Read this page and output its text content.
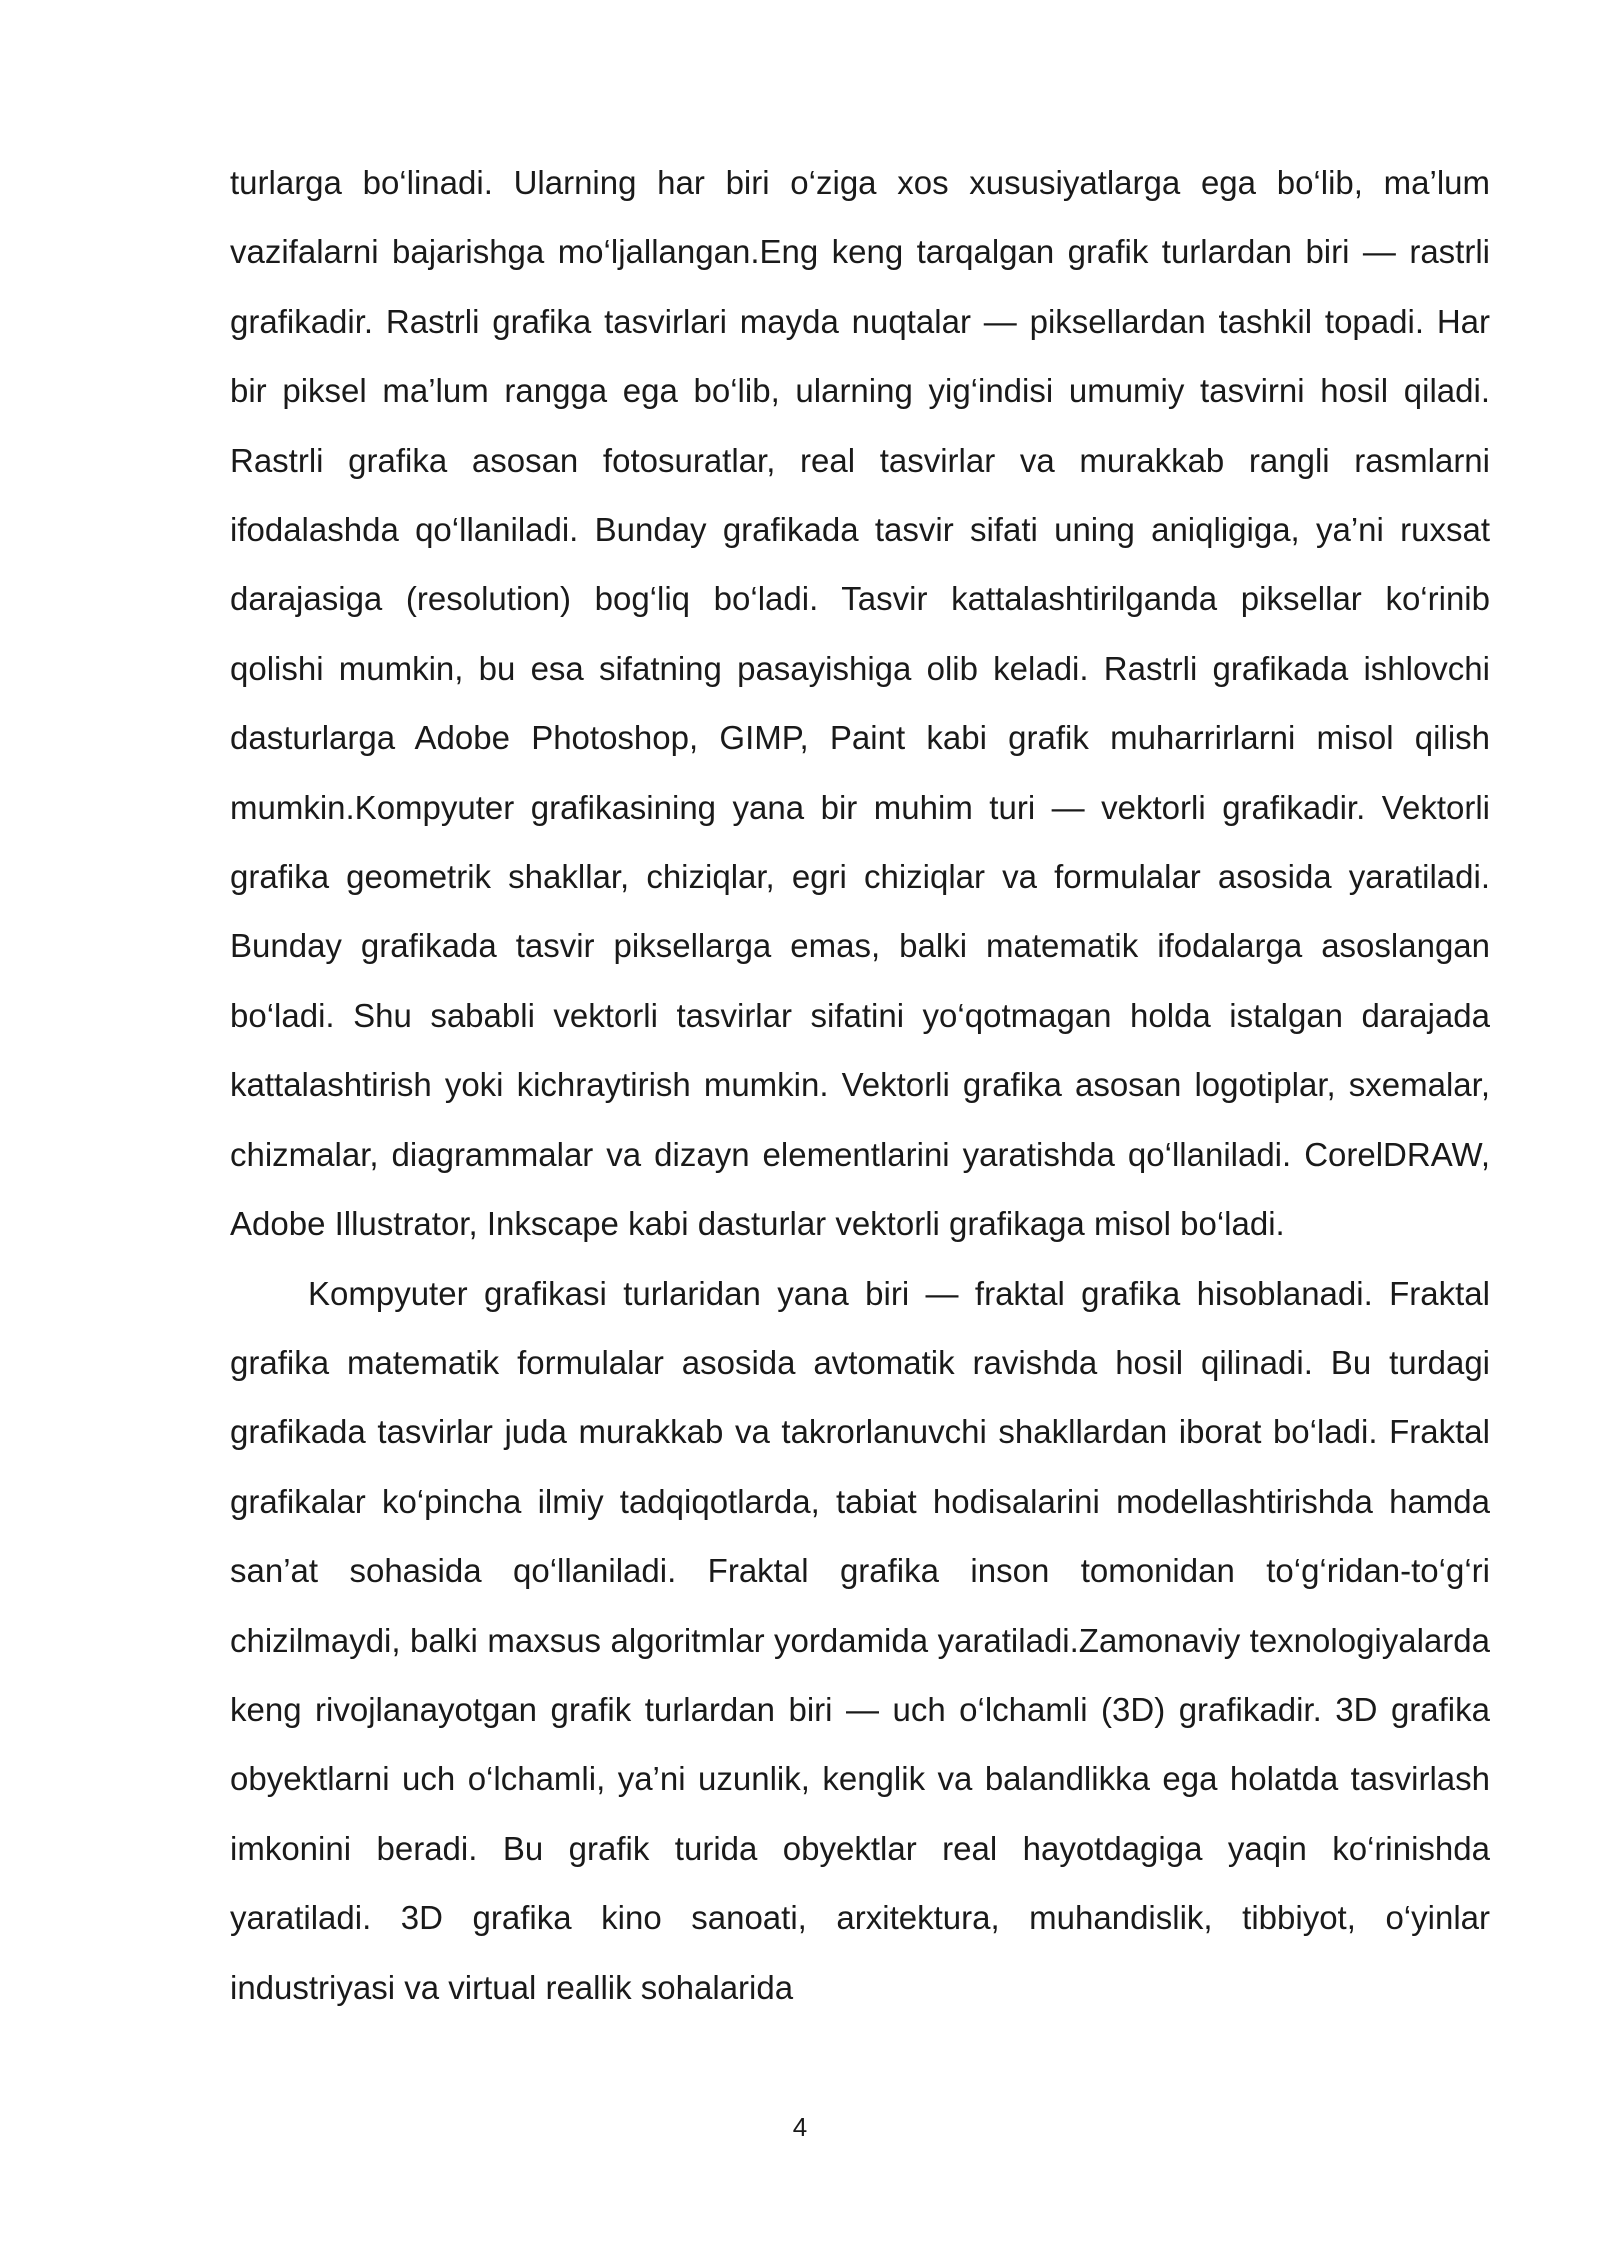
turlarga bo‘linadi. Ularning har biri o‘ziga xos xususiyatlarga ega bo‘lib, ma’lum vazifalarni bajarishga mo‘ljallangan.Eng keng tarqalgan grafik turlardan biri — rastrli grafikadir. Rastrli grafika tasvirlari mayda nuqtalar — piksellardan tashkil topadi. Har bir piksel ma’lum rangga ega bo‘lib, ularning yig‘indisi umumiy tasvirni hosil qiladi. Rastrli grafika asosan fotosuratlar, real tasvirlar va murakkab rangli rasmlarni ifodalashda qo‘llaniladi. Bunday grafikada tasvir sifati uning aniqligiga, ya’ni ruxsat darajasiga (resolution) bog‘liq bo‘ladi. Tasvir kattalashtirilganda piksellar ko‘rinib qolishi mumkin, bu esa sifatning pasayishiga olib keladi. Rastrli grafikada ishlovchi dasturlarga Adobe Photoshop, GIMP, Paint kabi grafik muharrirlarni misol qilish mumkin.Kompyuter grafikasining yana bir muhim turi — vektorli grafikadir. Vektorli grafika geometrik shakllar, chiziqlar, egri chiziqlar va formulalar asosida yaratiladi. Bunday grafikada tasvir piksellarga emas, balki matematik ifodalarga asoslangan bo‘ladi. Shu sababli vektorli tasvirlar sifatini yo‘qotmagan holda istalgan darajada kattalashtirish yoki kichraytirish mumkin. Vektorli grafika asosan logotiplar, sxemalar, chizmalar, diagrammalar va dizayn elementlarini yaratishda qo‘llaniladi. CorelDRAW, Adobe Illustrator, Inkscape kabi dasturlar vektorli grafikaga misol bo‘ladi.

Kompyuter grafikasi turlaridan yana biri — fraktal grafika hisoblanadi. Fraktal grafika matematik formulalar asosida avtomatik ravishda hosil qilinadi. Bu turdagi grafikada tasvirlar juda murakkab va takrorlanuvchi shakllardan iborat bo‘ladi. Fraktal grafikalar ko‘pincha ilmiy tadqiqotlarda, tabiat hodisalarini modellashtirishda hamda san’at sohasida qo‘llaniladi. Fraktal grafika inson tomonidan to‘g‘ridan-to‘g‘ri chizilmaydi, balki maxsus algoritmlar yordamida yaratiladi.Zamonaviy texnologiyalarda keng rivojlanayotgan grafik turlardan biri — uch o‘lchamli (3D) grafikadir. 3D grafika obyektlarni uch o‘lchamli, ya’ni uzunlik, kenglik va balandlikka ega holatda tasvirlash imkonini beradi. Bu grafik turida obyektlar real hayotdagiga yaqin ko‘rinishda yaratiladi. 3D grafika kino sanoati, arxitektura, muhandislik, tibbiyot, o‘yinlar industriyasi va virtual reallik sohalarida

4
